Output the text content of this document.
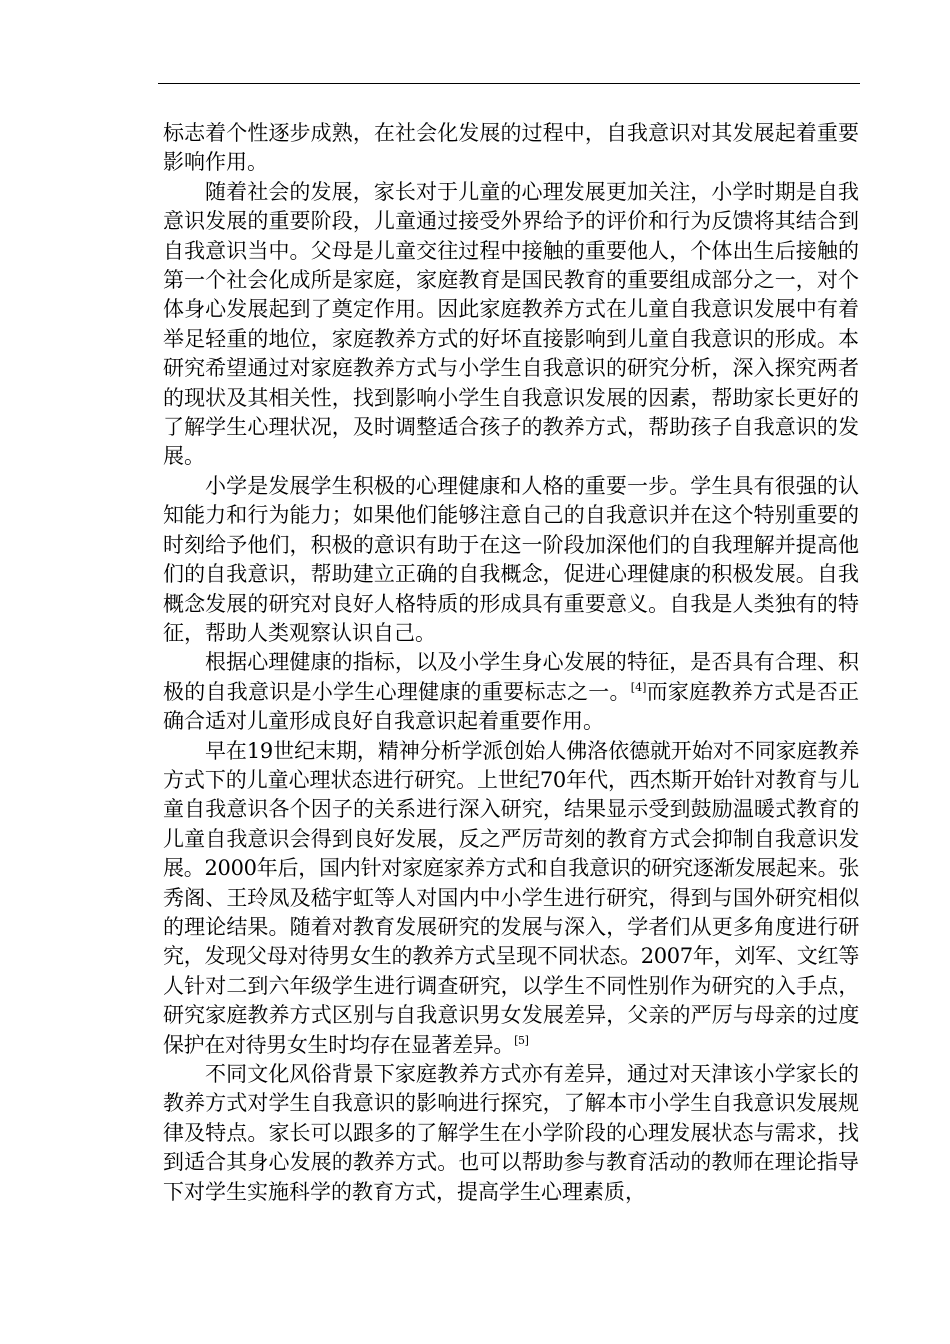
标志着个性逐步成熟，在社会化发展的过程中，自我意识对其发展起着重要影响作用。

随着社会的发展，家长对于儿童的心理发展更加关注，小学时期是自我意识发展的重要阶段，儿童通过接受外界给予的评价和行为反馈将其结合到自我意识当中。父母是儿童交往过程中接触的重要他人，个体出生后接触的第一个社会化成所是家庭，家庭教育是国民教育的重要组成部分之一，对个体身心发展起到了奠定作用。因此家庭教养方式在儿童自我意识发展中有着举足轻重的地位，家庭教养方式的好坏直接影响到儿童自我意识的形成。本研究希望通过对家庭教养方式与小学生自我意识的研究分析，深入探究两者的现状及其相关性，找到影响小学生自我意识发展的因素，帮助家长更好的了解学生心理状况，及时调整适合孩子的教养方式，帮助孩子自我意识的发展。

小学是发展学生积极的心理健康和人格的重要一步。学生具有很强的认知能力和行为能力；如果他们能够注意自己的自我意识并在这个特别重要的时刻给予他们，积极的意识有助于在这一阶段加深他们的自我理解并提高他们的自我意识，帮助建立正确的自我概念，促进心理健康的积极发展。自我概念发展的研究对良好人格特质的形成具有重要意义。自我是人类独有的特征，帮助人类观察认识自己。

根据心理健康的指标，以及小学生身心发展的特征，是否具有合理、积极的自我意识是小学生心理健康的重要标志之一。[4]而家庭教养方式是否正确合适对儿童形成良好自我意识起着重要作用。

早在19世纪末期，精神分析学派创始人佛洛依德就开始对不同家庭教养方式下的儿童心理状态进行研究。上世纪70年代，西杰斯开始针对教育与儿童自我意识各个因子的关系进行深入研究，结果显示受到鼓励温暖式教育的儿童自我意识会得到良好发展，反之严厉苛刻的教育方式会抑制自我意识发展。2000年后，国内针对家庭家养方式和自我意识的研究逐渐发展起来。张秀阁、王玲凤及嵇宇虹等人对国内中小学生进行研究，得到与国外研究相似的理论结果。随着对教育发展研究的发展与深入，学者们从更多角度进行研究，发现父母对待男女生的教养方式呈现不同状态。2007年，刘军、文红等人针对二到六年级学生进行调查研究，以学生不同性别作为研究的入手点，研究家庭教养方式区别与自我意识男女发展差异，父亲的严厉与母亲的过度保护在对待男女生时均存在显著差异。[5]

不同文化风俗背景下家庭教养方式亦有差异，通过对天津该小学家长的教养方式对学生自我意识的影响进行探究，了解本市小学生自我意识发展规律及特点。家长可以跟多的了解学生在小学阶段的心理发展状态与需求，找到适合其身心发展的教养方式。也可以帮助参与教育活动的教师在理论指导下对学生实施科学的教育方式，提高学生心理素质，
